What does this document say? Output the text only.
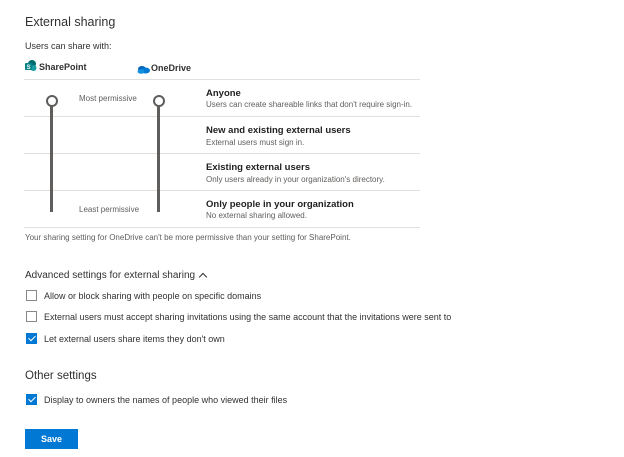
External sharing
Users can share with:
S SharePoint	OneDrive
Most permissive
Least permissive
Anyone
Users can create shareable links that don't require sign-in.
New and existing external users
External users must sign in.
Existing external users
Only users already in your organization's directory.
Only people in your organization
No external sharing allowed.
Your sharing setting for OneDrive can't be more permissive than your setting for SharePoint.
Advanced settings for external sharing
Allow or block sharing with people on specific domains
External users must accept sharing invitations using the same account that the invitations were sent to
Let external users share items they don't own
Other settings
Display to owners the names of people who viewed their files
Save
